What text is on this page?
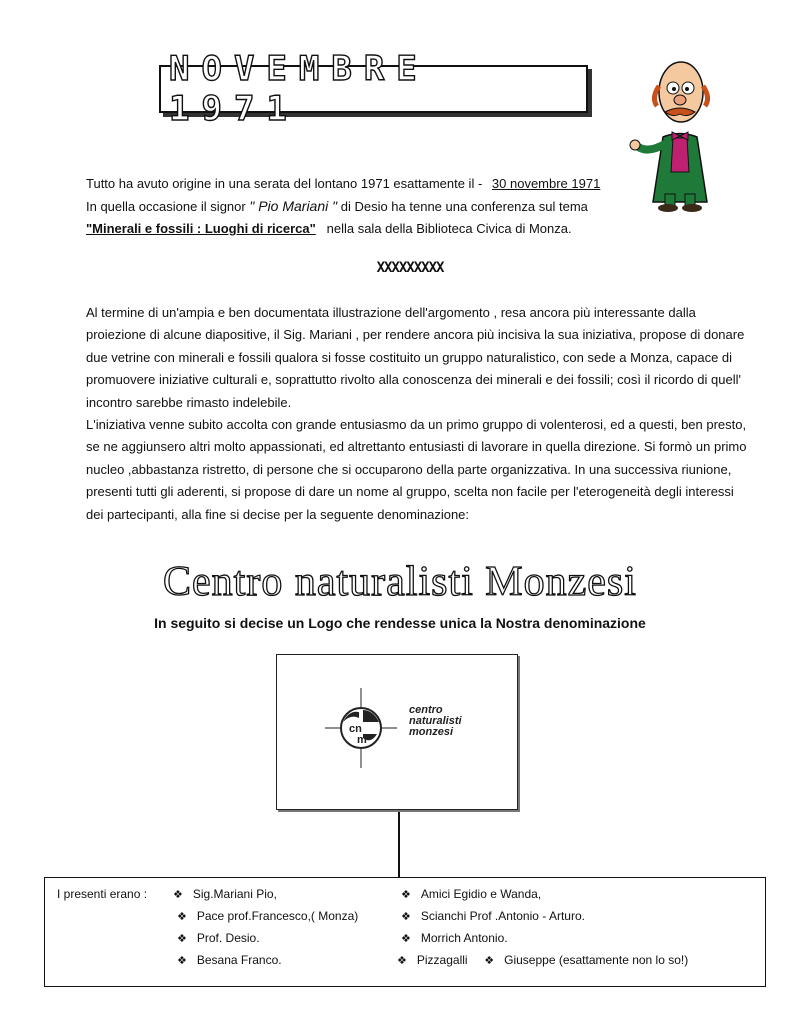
NOVEMBRE 1971
Tutto ha avuto origine in una serata del lontano 1971 esattamente il - 30 novembre 1971
In quella occasione il signor " Pio Mariani " di Desio ha tenne una conferenza sul tema
"Minerali e fossili : Luoghi di ricerca" nella sala della Biblioteca Civica di Monza.
XXXXXXXXX

Al termine di un'ampia e ben documentata illustrazione dell'argomento , resa ancora più interessante dalla proiezione di alcune diapositive, il Sig. Mariani , per rendere ancora più incisiva la sua iniziativa, propose di donare due vetrine con minerali e fossili qualora si fosse costituito un gruppo naturalistico, con sede a Monza, capace di promuovere iniziative culturali e, soprattutto rivolto alla conoscenza dei minerali e dei fossili; così il ricordo di quell' incontro sarebbe rimasto indelebile.

L'iniziativa venne subito accolta con grande entusiasmo da un primo gruppo di volenterosi, ed a questi, ben presto, se ne aggiunsero altri molto appassionati, ed altrettanto entusiasti di lavorare in quella direzione. Si formò un primo nucleo ,abbastanza ristretto, di persone che si occuparono della parte organizzativa. In una successiva riunione, presenti tutti gli aderenti, si propose di dare un nome al gruppo, scelta non facile per l'eterogeneità degli interessi dei partecipanti, alla fine si decise per la seguente denominazione:

Centro naturalisti Monzesi
In seguito si decise un Logo che rendesse unica la Nostra denominazione
cn
m
centro
naturalisti
monzesi
I presenti erano : ❖ Sig.Mariani Pio,
❖ Pace prof.Francesco,( Monza)
❖ Prof. Desio.
❖ Besana Franco.
❖ Amici Egidio e Wanda,
❖ Scianchi Prof .Antonio - Arturo.
❖ Morrich Antonio.
❖ Pizzagalli ❖ Giuseppe (esattamente non lo so!)
